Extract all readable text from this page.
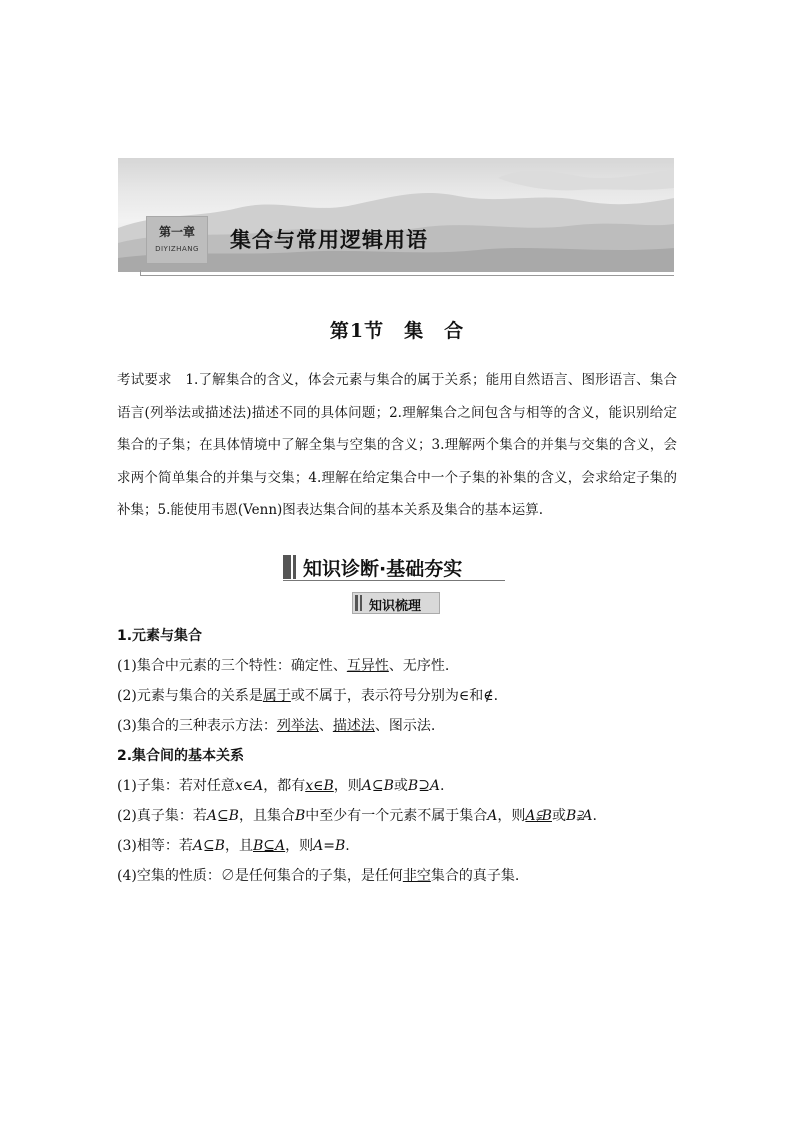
第一章
DIYIZHANG	集合与常用逻辑用语
第1节　集　合

考试要求　 1.了解集合的含义，体会元素与集合的属于关系；能用自然语言、图形语言、集合语言(列举法或描述法)描述不同的具体问题；2.理解集合之间包含与相等的含义，能识别给定集合的子集；在具体情境中了解全集与空集的含义；3.理解两个集合的并集与交集的含义，会求两个简单集合的并集与交集；4.理解在给定集合中一个子集的补集的含义，会求给定子集的补集；5.能使用韦恩(Venn)图表达集合间的基本关系及集合的基本运算.

知识诊断·基础夯实
知识梳理
1.元素与集合
(1)集合中元素的三个特性：确定性、互异性、无序性.
(2)元素与集合的关系是属于或不属于，表示符号分别为∈和∉.
(3)集合的三种表示方法：列举法、描述法、图示法.
2.集合间的基本关系
(1)子集：若对任意x∈A，都有x∈B，则A⊆B或B⊇A.
(2)真子集：若A⊆B，且集合B中至少有一个元素不属于集合A，则A⫋B或B⫌A.
(3)相等：若A⊆B，且B⊆A，则A=B.
(4)空集的性质：∅是任何集合的子集，是任何非空集合的真子集.
